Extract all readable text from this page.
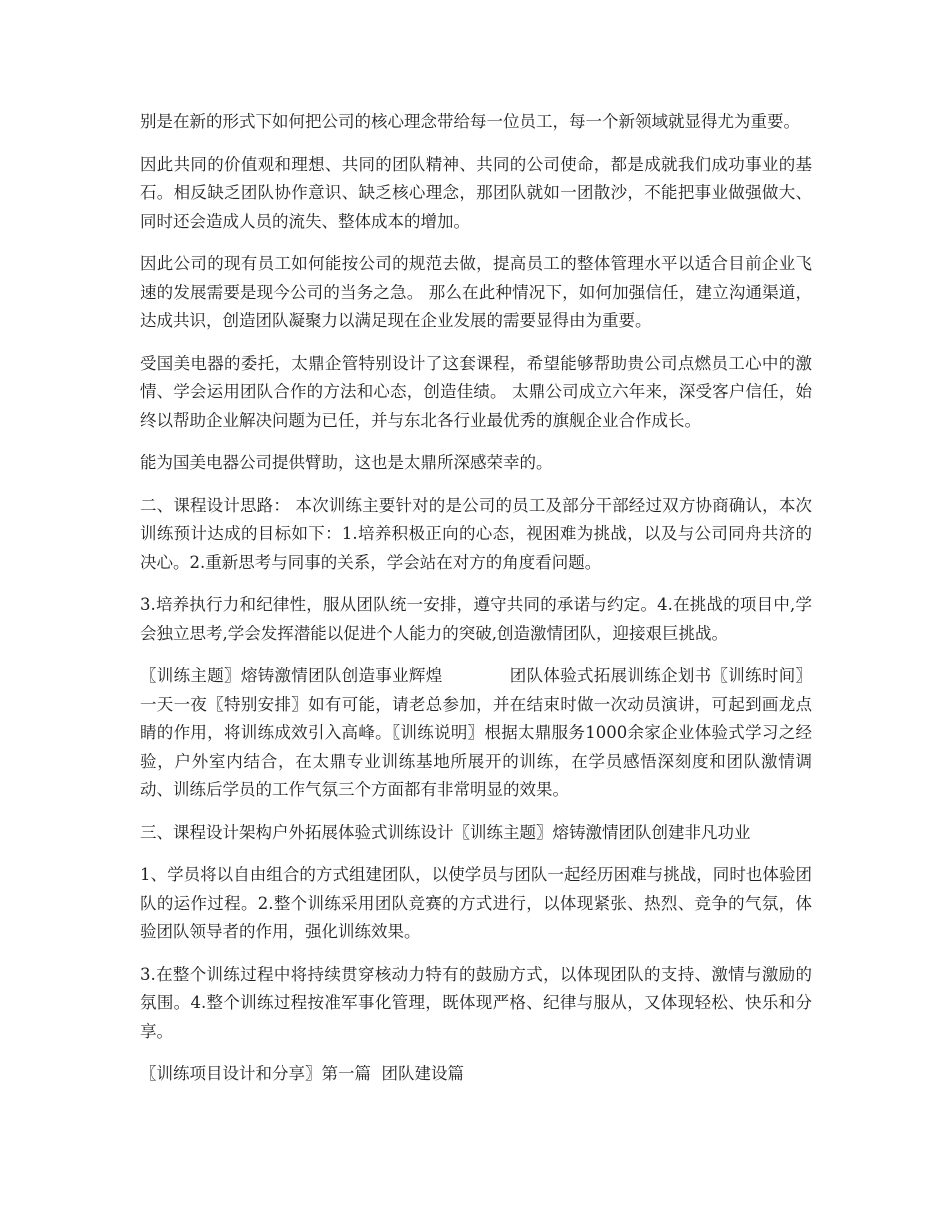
别是在新的形式下如何把公司的核心理念带给每一位员工，每一个新领域就显得尤为重要。

因此共同的价值观和理想、共同的团队精神、共同的公司使命，都是成就我们成功事业的基石。相反缺乏团队协作意识、缺乏核心理念，那团队就如一团散沙，不能把事业做强做大、同时还会造成人员的流失、整体成本的增加。

因此公司的现有员工如何能按公司的规范去做，提高员工的整体管理水平以适合目前企业飞速的发展需要是现今公司的当务之急。 那么在此种情况下，如何加强信任，建立沟通渠道，达成共识，创造团队凝聚力以满足现在企业发展的需要显得由为重要。

受国美电器的委托，太鼎企管特别设计了这套课程，希望能够帮助贵公司点燃员工心中的激情、学会运用团队合作的方法和心态，创造佳绩。 太鼎公司成立六年来，深受客户信任，始终以帮助企业解决问题为已任，并与东北各行业最优秀的旗舰企业合作成长。

能为国美电器公司提供臂助，这也是太鼎所深感荣幸的。

二、课程设计思路： 本次训练主要针对的是公司的员工及部分干部经过双方协商确认，本次训练预计达成的目标如下：1.培养积极正向的心态，视困难为挑战，以及与公司同舟共济的决心。2.重新思考与同事的关系，学会站在对方的角度看问题。

3.培养执行力和纪律性，服从团队统一安排，遵守共同的承诺与约定。4.在挑战的项目中,学会独立思考,学会发挥潜能以促进个人能力的突破,创造激情团队，迎接艰巨挑战。

〖训练主题〗熔铸激情团队创造事业辉煌　　　　团队体验式拓展训练企划书〖训练时间〗一天一夜〖特别安排〗如有可能，请老总参加，并在结束时做一次动员演讲，可起到画龙点睛的作用，将训练成效引入高峰。〖训练说明〗根据太鼎服务1000余家企业体验式学习之经验，户外室内结合，在太鼎专业训练基地所展开的训练，在学员感悟深刻度和团队激情调动、训练后学员的工作气氛三个方面都有非常明显的效果。

三、课程设计架构户外拓展体验式训练设计〖训练主题〗熔铸激情团队创建非凡功业

1、学员将以自由组合的方式组建团队，以使学员与团队一起经历困难与挑战，同时也体验团队的运作过程。2.整个训练采用团队竞赛的方式进行，以体现紧张、热烈、竞争的气氛，体验团队领导者的作用，强化训练效果。

3.在整个训练过程中将持续贯穿核动力特有的鼓励方式，以体现团队的支持、激情与激励的氛围。4.整个训练过程按准军事化管理，既体现严格、纪律与服从，又体现轻松、快乐和分享。

〖训练项目设计和分享〗第一篇  团队建设篇
